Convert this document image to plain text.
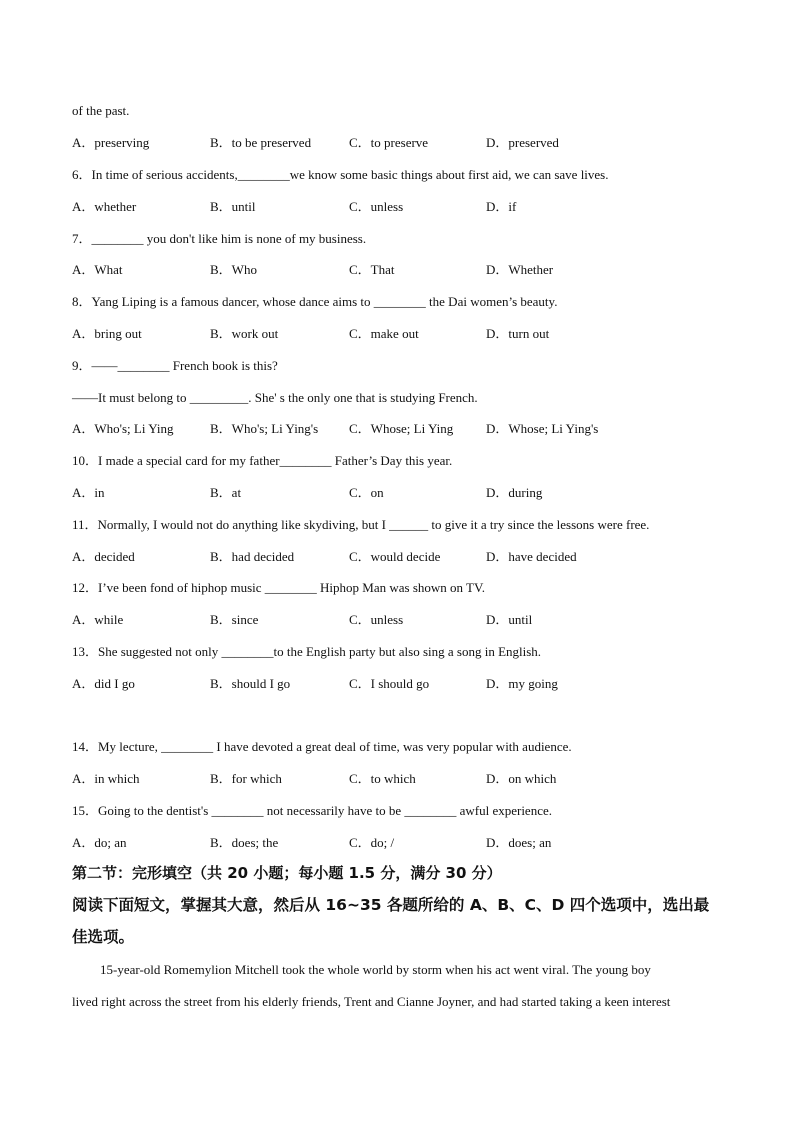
of the past.
A．preserving	B．to be preserved	C．to preserve	D．preserved
6．In time of serious accidents,________we know some basic things about first aid, we can save lives.
A．whether	B．until	C．unless	D．if
7．________ you don't like him is none of my business.
A．What	B．Who	C．That	D．Whether
8．Yang Liping is a famous dancer, whose dance aims to ________ the Dai women’s beauty.
A．bring out	B．work out	C．make out	D．turn out
9．——________ French book is this?
——It must belong to _________. She' s the only one that is studying French.
A．Who's; Li Ying	B．Who's; Li Ying's C．Whose; Li Ying	D．Whose; Li Ying's
10．I made a special card for my father________ Father’s Day this year.
A．in	B．at	C．on	D．during
11．Normally, I would not do anything like skydiving, but I ______ to give it a try since the lessons were free.
A．decided	B．had decided	C．would decide	D．have decided
12．I’ve been fond of hiphop music ________ Hiphop Man was shown on TV.
A．while	B．since	C．unless	D．until
13．She suggested not only ________to the English party but also sing a song in English.
A．did I go	B．should I go	C．I should go	D．my going
14．My lecture, ________ I have devoted a great deal of time, was very popular with audience.
A．in which	B．for which	C．to which	D．on which
15．Going to the dentist's ________ not necessarily have to be ________ awful experience.
A．do; an	B．does; the	C．do; /	D．does; an
第二节：完形填空（共 20 小题；每小题 1.5 分，满分 30 分）
阅读下面短文，掌握其大意，然后从 16~35 各题所给的 A、B、C、D 四个选项中，选出最
佳选项。
15-year-old Romemylion Mitchell took the whole world by storm when his act went viral. The young boy
lived right across the street from his elderly friends, Trent and Cianne Joyner, and had started taking a keen interest
